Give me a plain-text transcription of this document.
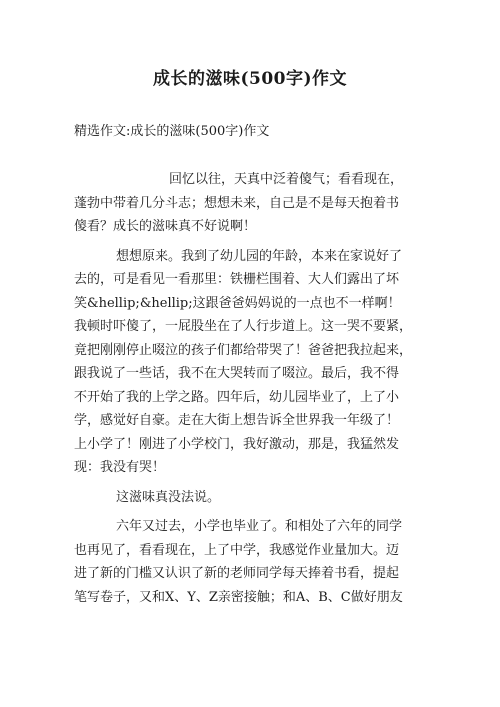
成长的滋味(500字)作文

精选作文:成长的滋味(500字)作文

回忆以往，天真中泛着傻气；看看现在，
蓬勃中带着几分斗志；想想未来，自己是不是每天抱着书
傻看？成长的滋味真不好说啊！

想想原来。我到了幼儿园的年龄，本来在家说好了
去的，可是看见一看那里：铁栅栏围着、大人们露出了坏
笑&hellip;&hellip;这跟爸爸妈妈说的一点也不一样啊！
我顿时吓傻了，一屁股坐在了人行步道上。这一哭不要紧，
竟把刚刚停止啜泣的孩子们都给带哭了！爸爸把我拉起来，
跟我说了一些话，我不在大哭转而了啜泣。最后，我不得
不开始了我的上学之路。四年后，幼儿园毕业了，上了小
学，感觉好自豪。走在大街上想告诉全世界我一年级了！
上小学了！刚进了小学校门，我好激动，那是，我猛然发
现：我没有哭！

这滋味真没法说。

六年又过去，小学也毕业了。和相处了六年的同学
也再见了，看看现在，上了中学，我感觉作业量加大。迈
进了新的门槛又认识了新的老师同学每天捧着书看，提起
笔写卷子，又和X、Y、Z亲密接触；和A、B、C做好朋友
